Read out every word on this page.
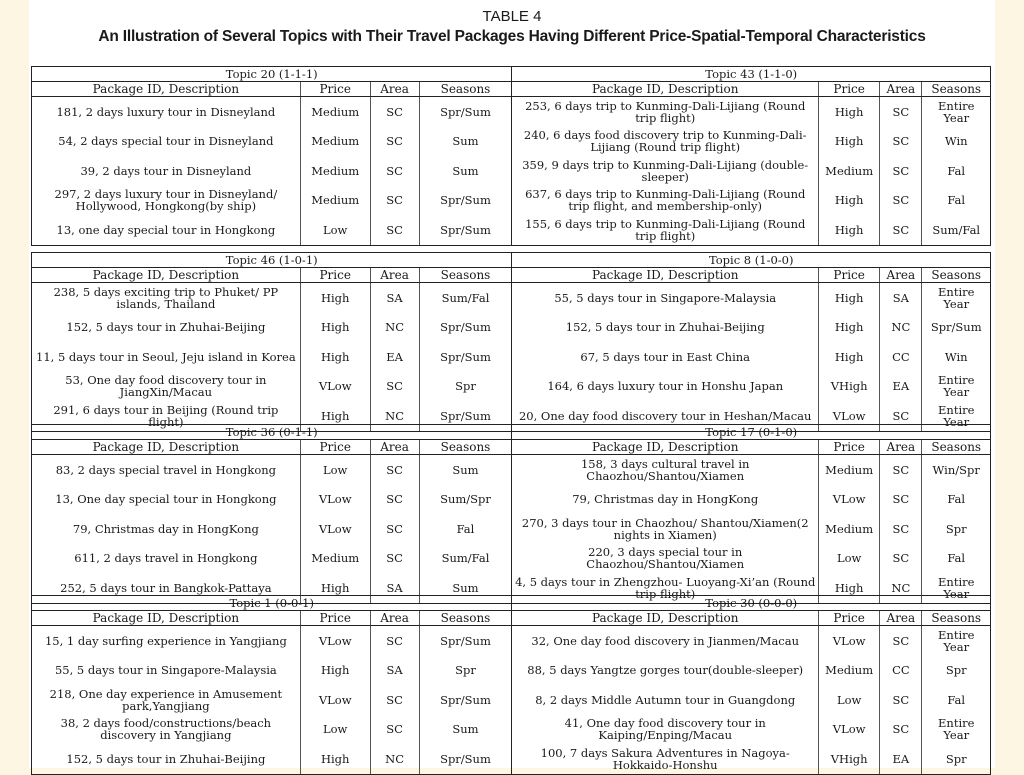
TABLE 4
An Illustration of Several Topics with Their Travel Packages Having Different Price-Spatial-Temporal Characteristics
Topic 20 (1-1-1)				Topic 43 (1-1-0)			
Package ID, Description	Price	Area	Seasons	Package ID, Description	Price	Area	Seasons
181, 2 days luxury tour in Disneyland	Medium	SC	Spr/Sum	253, 6 days trip to Kunming-Dali-Lijiang (Round trip flight)	High	SC	Entire Year
54, 2 days special tour in Disneyland	Medium	SC	Sum	240, 6 days food discovery trip to Kunming-Dali-Lijiang (Round trip flight)	High	SC	Win
39, 2 days tour in Disneyland	Medium	SC	Sum	359, 9 days trip to Kunming-Dali-Lijiang (double-sleeper)	Medium	SC	Fal
297, 2 days luxury tour in Disneyland/ Hollywood, Hongkong(by ship)	Medium	SC	Spr/Sum	637, 6 days trip to Kunming-Dali-Lijiang (Round trip flight, and membership-only)	High	SC	Fal
13, one day special tour in Hongkong	Low	SC	Spr/Sum	155, 6 days trip to Kunming-Dali-Lijiang (Round trip flight)	High	SC	Sum/Fal
Topic 46 (1-0-1)				Topic 8 (1-0-0)			
Package ID, Description	Price	Area	Seasons	Package ID, Description	Price	Area	Seasons
238, 5 days exciting trip to Phuket/ PP islands, Thailand	High	SA	Sum/Fal	55, 5 days tour in Singapore-Malaysia	High	SA	Entire Year
152, 5 days tour in Zhuhai-Beijing	High	NC	Spr/Sum	152, 5 days tour in Zhuhai-Beijing	High	NC	Spr/Sum
11, 5 days tour in Seoul, Jeju island in Korea	High	EA	Spr/Sum	67, 5 days tour in East China	High	CC	Win
53, One day food discovery tour in JiangXin/Macau	VLow	SC	Spr	164, 6 days luxury tour in Honshu Japan	VHigh	EA	Entire Year
291, 6 days tour in Beijing (Round trip flight)	High	NC	Spr/Sum	20, One day food discovery tour in Heshan/Macau	VLow	SC	Entire Year
Topic 36 (0-1-1)				Topic 17 (0-1-0)			
Package ID, Description	Price	Area	Seasons	Package ID, Description	Price	Area	Seasons
83, 2 days special travel in Hongkong	Low	SC	Sum	158, 3 days cultural travel in Chaozhou/Shantou/Xiamen	Medium	SC	Win/Spr
13, One day special tour in Hongkong	VLow	SC	Sum/Spr	79, Christmas day in HongKong	VLow	SC	Fal
79, Christmas day in HongKong	VLow	SC	Fal	270, 3 days tour in Chaozhou/ Shantou/Xiamen(2 nights in Xiamen)	Medium	SC	Spr
611, 2 days travel in Hongkong	Medium	SC	Sum/Fal	220, 3 days special tour in Chaozhou/Shantou/Xiamen	Low	SC	Fal
252, 5 days tour in Bangkok-Pattaya	High	SA	Sum	4, 5 days tour in Zhengzhou- Luoyang-Xi’an (Round trip flight)	High	NC	Entire Year
Topic 1 (0-0-1)				Topic 30 (0-0-0)			
Package ID, Description	Price	Area	Seasons	Package ID, Description	Price	Area	Seasons
15, 1 day surfing experience in Yangjiang	VLow	SC	Spr/Sum	32, One day food discovery in Jianmen/Macau	VLow	SC	Entire Year
55, 5 days tour in Singapore-Malaysia	High	SA	Spr	88, 5 days Yangtze gorges tour(double-sleeper)	Medium	CC	Spr
218, One day experience in Amusement park,Yangjiang	VLow	SC	Spr/Sum	8, 2 days Middle Autumn tour in Guangdong	Low	SC	Fal
38, 2 days food/constructions/beach discovery in Yangjiang	Low	SC	Sum	41, One day food discovery tour in Kaiping/Enping/Macau	VLow	SC	Entire Year
152, 5 days tour in Zhuhai-Beijing	High	NC	Spr/Sum	100, 7 days Sakura Adventures in Nagoya- Hokkaido-Honshu	VHigh	EA	Spr
